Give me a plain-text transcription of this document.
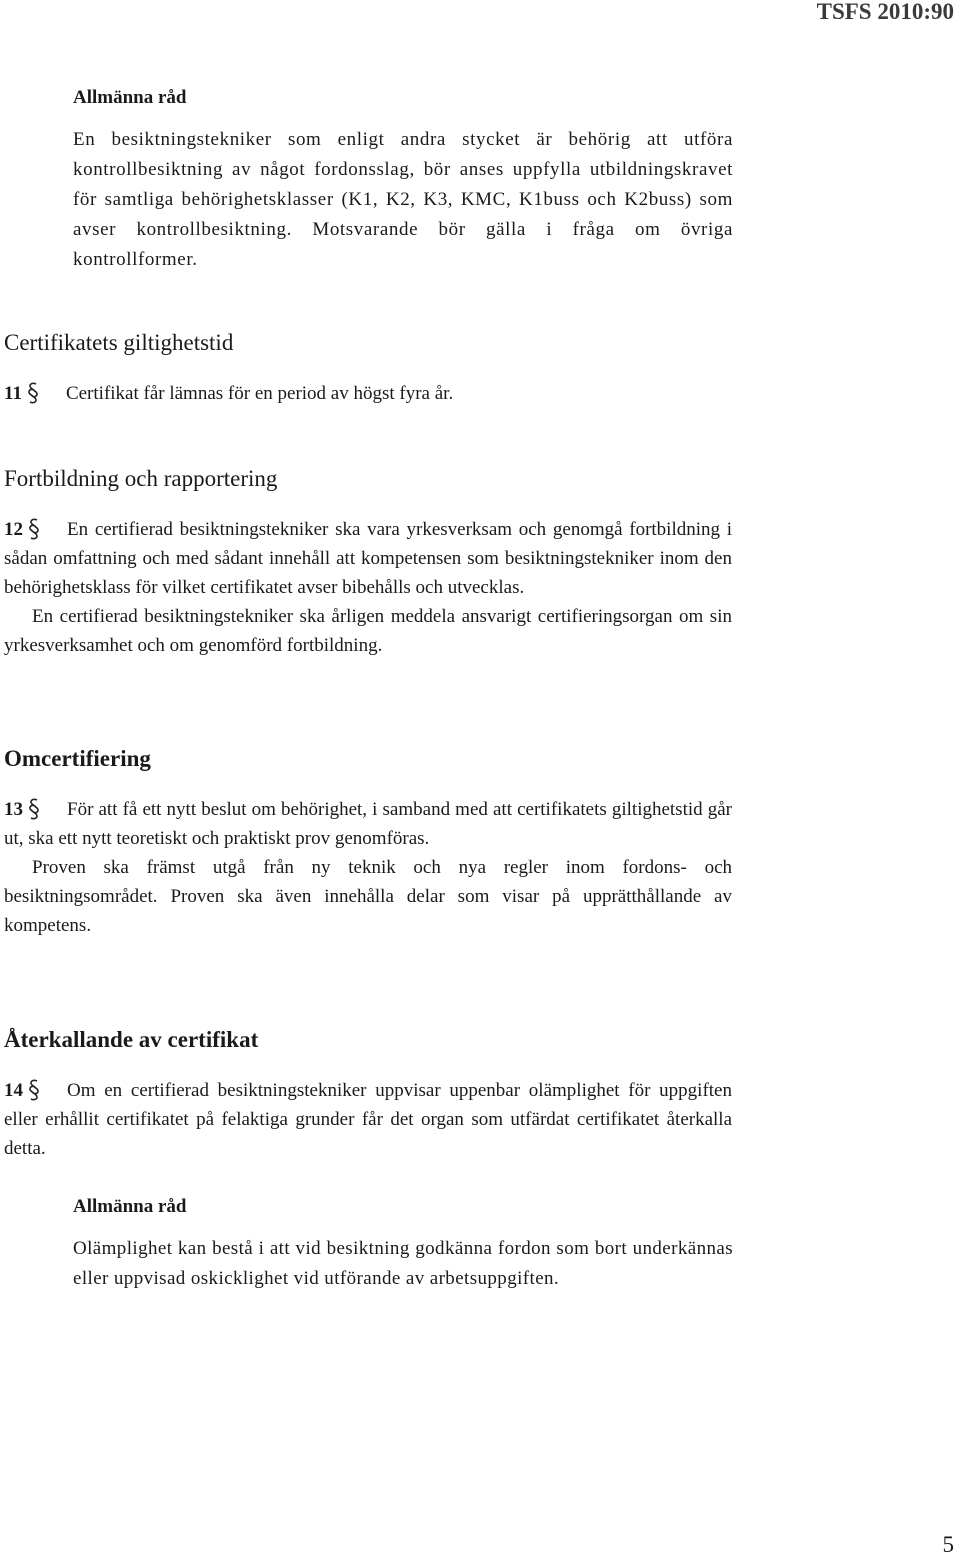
TSFS 2010:90
Allmänna råd
En besiktningstekniker som enligt andra stycket är behörig att utföra kontrollbesiktning av något fordonsslag, bör anses uppfylla utbildningskravet för samtliga behörighetsklasser (K1, K2, K3, KMC, K1buss och K2buss) som avser kontrollbesiktning. Motsvarande bör gälla i fråga om övriga kontrollformer.
Certifikatets giltighetstid

11 Certifikat får lämnas för en period av högst fyra år.

Fortbildning och rapportering

12 En certifierad besiktningstekniker ska vara yrkesverksam och genomgå fortbildning i sådan omfattning och med sådant innehåll att kompetensen som besiktningstekniker inom den behörighetsklass för vilket certifikatet avser bibehålls och utvecklas.

En certifierad besiktningstekniker ska årligen meddela ansvarigt certifieringsorgan om sin yrkesverksamhet och om genomförd fortbildning.

Omcertifiering

13 För att få ett nytt beslut om behörighet, i samband med att certifikatets giltighetstid går ut, ska ett nytt teoretiskt och praktiskt prov genomföras.

Proven ska främst utgå från ny teknik och nya regler inom fordons- och besiktningsområdet. Proven ska även innehålla delar som visar på upprätthållande av kompetens.

Återkallande av certifikat

14 Om en certifierad besiktningstekniker uppvisar uppenbar olämplighet för uppgiften eller erhållit certifikatet på felaktiga grunder får det organ som utfärdat certifikatet återkalla detta.

Allmänna råd
Olämplighet kan bestå i att vid besiktning godkänna fordon som bort underkännas eller uppvisad oskicklighet vid utförande av arbetsuppgiften.
5
